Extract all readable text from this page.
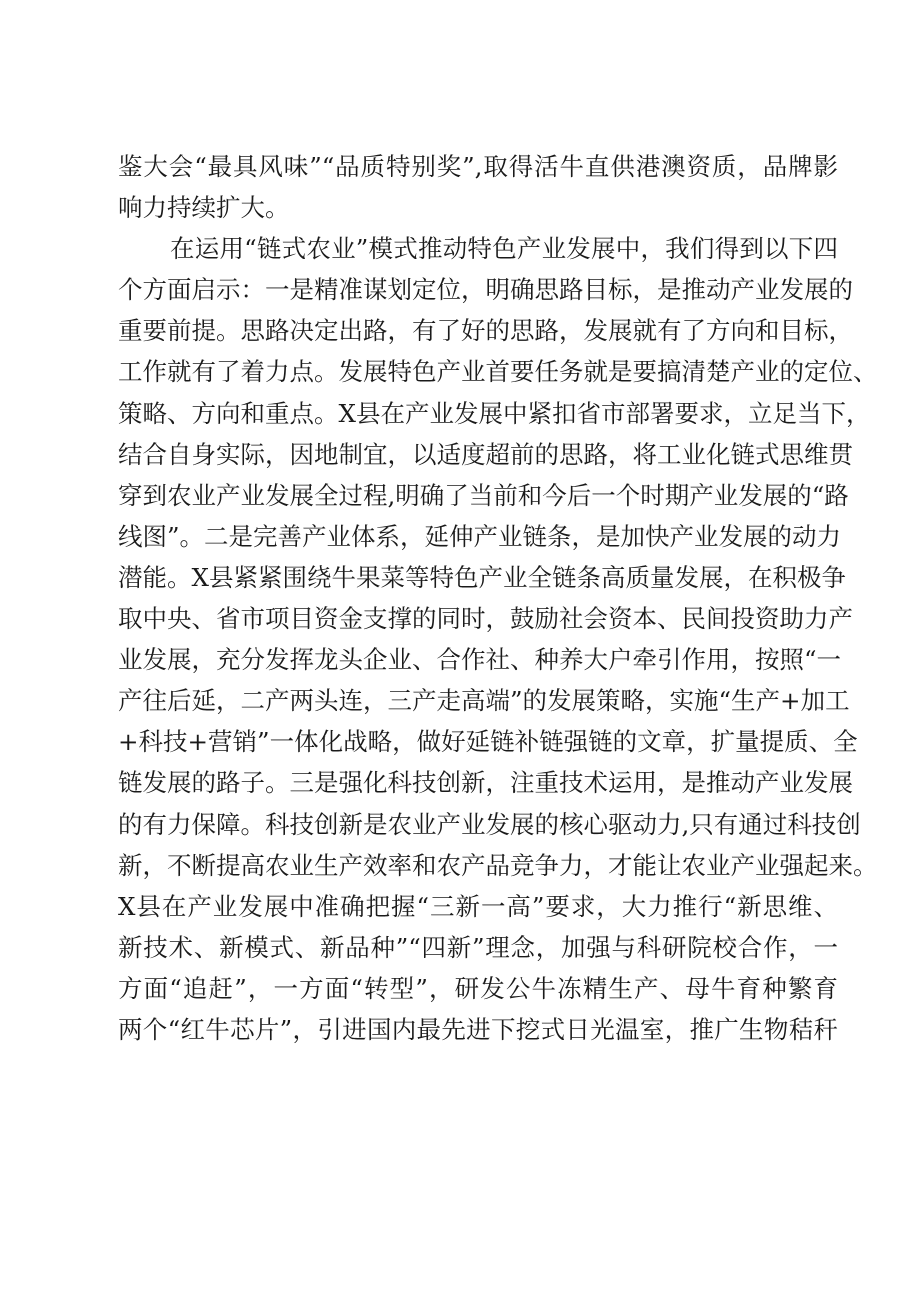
鉴大会“最具风味”“品质特别奖”,取得活牛直供港澳资质，品牌影
响力持续扩大。
在运用“链式农业”模式推动特色产业发展中，我们得到以下四
个方面启示：一是精准谋划定位，明确思路目标，是推动产业发展的
重要前提。思路决定出路，有了好的思路，发展就有了方向和目标，
工作就有了着力点。发展特色产业首要任务就是要搞清楚产业的定位、
策略、方向和重点。X县在产业发展中紧扣省市部署要求，立足当下，
结合自身实际，因地制宜，以适度超前的思路，将工业化链式思维贯
穿到农业产业发展全过程,明确了当前和今后一个时期产业发展的“路
线图”。二是完善产业体系，延伸产业链条，是加快产业发展的动力
潜能。X县紧紧围绕牛果菜等特色产业全链条高质量发展，在积极争
取中央、省市项目资金支撑的同时，鼓励社会资本、民间投资助力产
业发展，充分发挥龙头企业、合作社、种养大户牵引作用，按照“一
产往后延，二产两头连，三产走高端”的发展策略，实施“生产+加工
+科技+营销”一体化战略，做好延链补链强链的文章，扩量提质、全
链发展的路子。三是强化科技创新，注重技术运用，是推动产业发展
的有力保障。科技创新是农业产业发展的核心驱动力,只有通过科技创
新，不断提高农业生产效率和农产品竞争力，才能让农业产业强起来。
X县在产业发展中准确把握“三新一高”要求，大力推行“新思维、
新技术、新模式、新品种”“四新”理念，加强与科研院校合作，一
方面“追赶”，一方面“转型”，研发公牛冻精生产、母牛育种繁育
两个“红牛芯片”，引进国内最先进下挖式日光温室，推广生物秸秆
